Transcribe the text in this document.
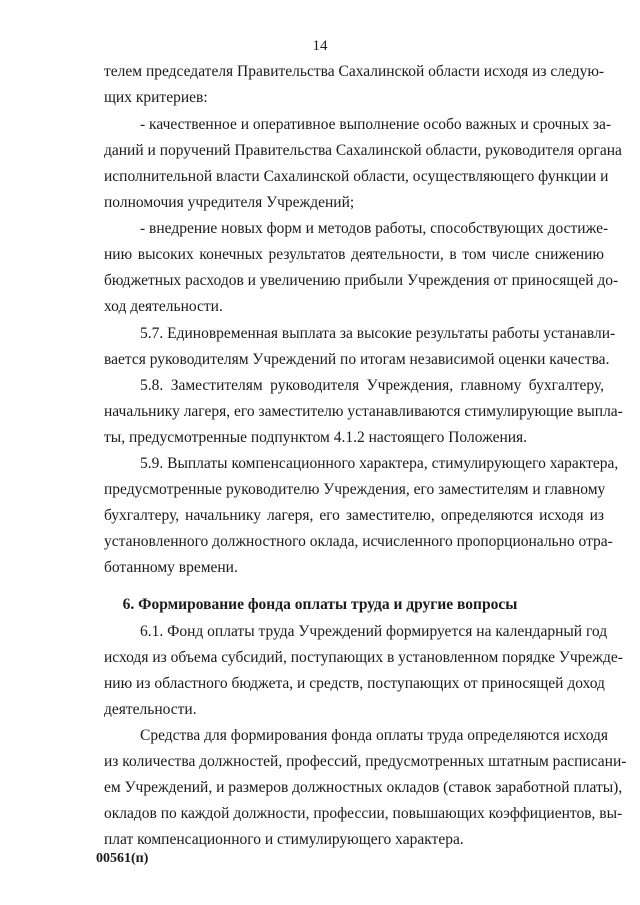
14
телем председателя Правительства Сахалинской области исходя из следую-
щих критериев:
- качественное и оперативное выполнение особо важных и срочных за-
даний и поручений Правительства Сахалинской области, руководителя органа
исполнительной власти Сахалинской области, осуществляющего функции и
полномочия учредителя Учреждений;
- внедрение новых форм и методов работы, способствующих достиже-
нию высоких конечных результатов деятельности, в том числе снижению
бюджетных расходов и увеличению прибыли Учреждения от приносящей до-
ход деятельности.
5.7. Единовременная выплата за высокие результаты работы устанавли-
вается руководителям Учреждений по итогам независимой оценки качества.
5.8. Заместителям руководителя Учреждения, главному бухгалтеру,
начальнику лагеря, его заместителю устанавливаются стимулирующие выпла-
ты, предусмотренные подпунктом 4.1.2 настоящего Положения.
5.9. Выплаты компенсационного характера, стимулирующего характера,
предусмотренные руководителю Учреждения, его заместителям и главному
бухгалтеру, начальнику лагеря, его заместителю, определяются исходя из
установленного должностного оклада, исчисленного пропорционально отра-
ботанному времени.
6. Формирование фонда оплаты труда и другие вопросы
6.1. Фонд оплаты труда Учреждений формируется на календарный год
исходя из объема субсидий, поступающих в установленном порядке Учрежде-
нию из областного бюджета, и средств, поступающих от приносящей доход
деятельности.
Средства для формирования фонда оплаты труда определяются исходя
из количества должностей, профессий, предусмотренных штатным расписани-
ем Учреждений, и размеров должностных окладов (ставок заработной платы),
окладов по каждой должности, профессии, повышающих коэффициентов, вы-
плат компенсационного и стимулирующего характера.
00561(п)
